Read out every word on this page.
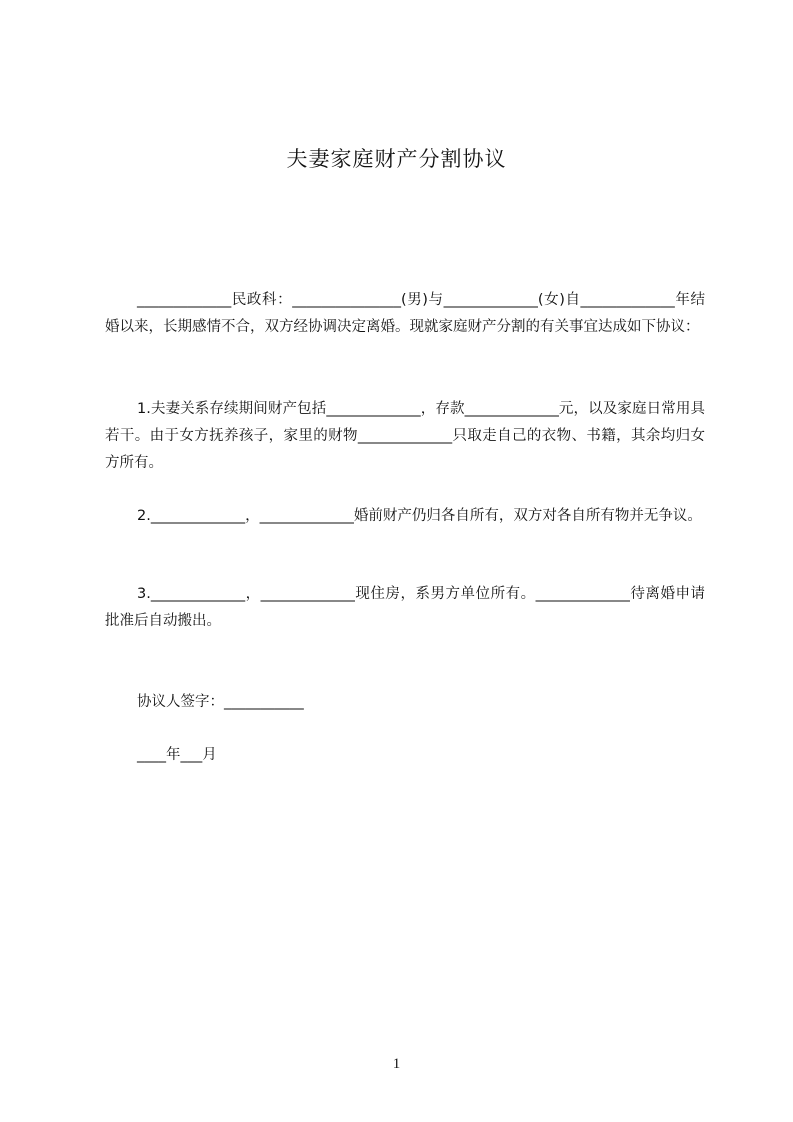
夫妻家庭财产分割协议
_____________民政科：_______________(男)与_____________(女)自_____________年结婚以来，长期感情不合，双方经协调决定离婚。现就家庭财产分割的有关事宜达成如下协议：
1.夫妻关系存续期间财产包括_____________，存款_____________元，以及家庭日常用具若干。由于女方抚养孩子，家里的财物_____________只取走自己的衣物、书籍，其余均归女方所有。
2._____________，_____________婚前财产仍归各自所有，双方对各自所有物并无争议。
3._____________，_____________现住房，系男方单位所有。_____________待离婚申请批准后自动搬出。
协议人签字：___________
____年___月
1
